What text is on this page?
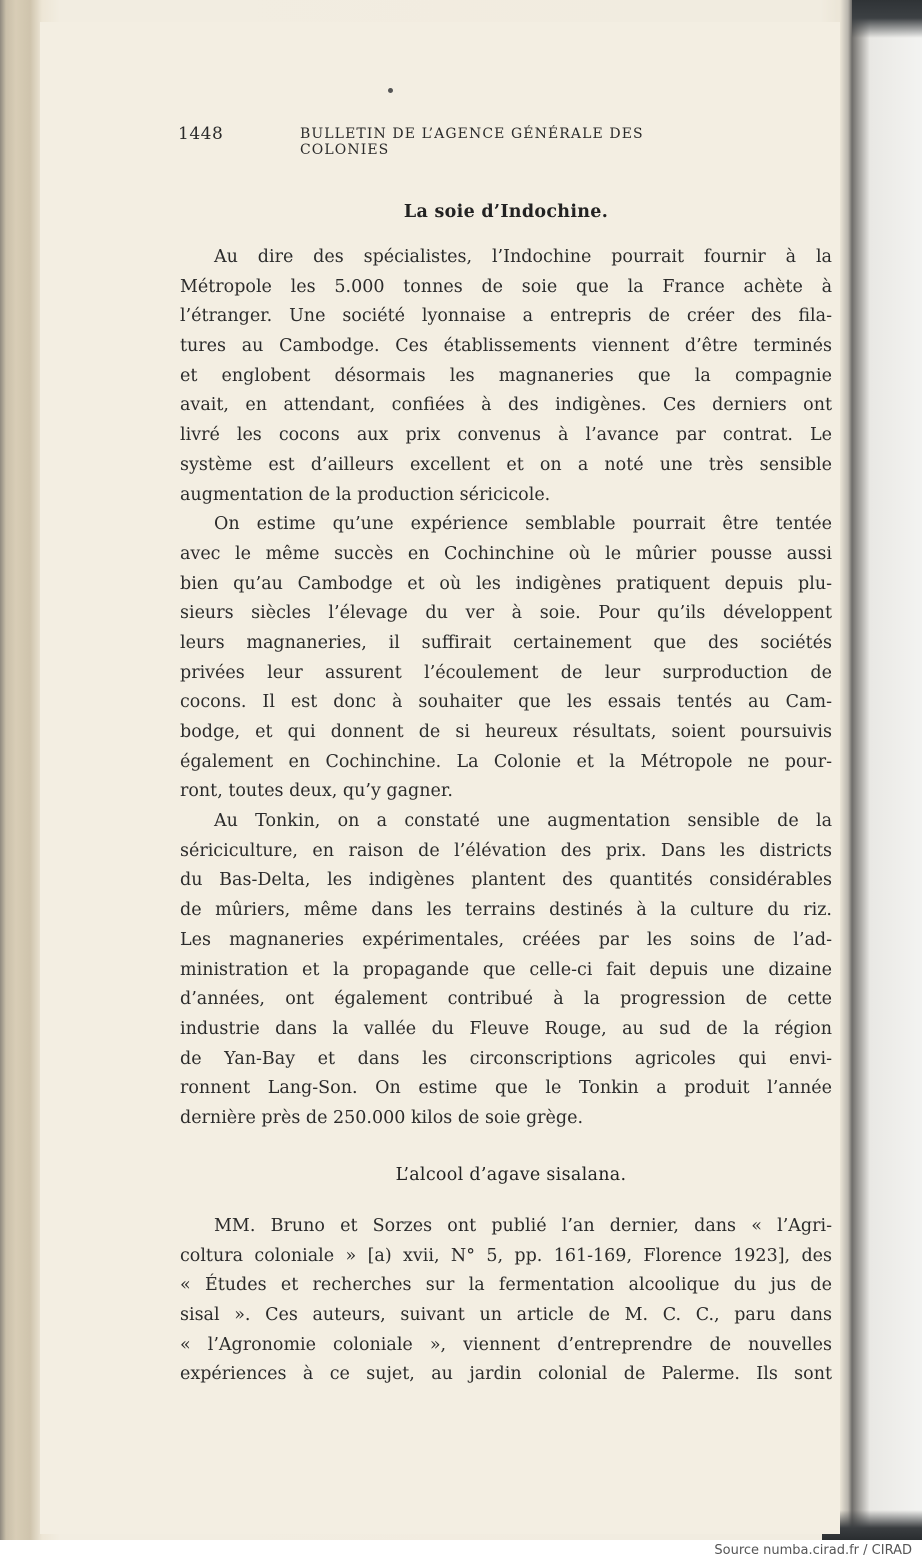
1448	BULLETIN DE L’AGENCE GÉNÉRALE DES COLONIES
La soie d’Indochine.
Au dire des spécialistes, l’Indochine pourrait fournir à la
Métropole les 5.000 tonnes de soie que la France achète à
l’étranger. Une société lyonnaise a entrepris de créer des fila-
tures au Cambodge. Ces établissements viennent d’être terminés
et englobent désormais les magnaneries que la compagnie
avait, en attendant, confiées à des indigènes. Ces derniers ont
livré les cocons aux prix convenus à l’avance par contrat. Le
système est d’ailleurs excellent et on a noté une très sensible
augmentation de la production séricicole.
On estime qu’une expérience semblable pourrait être tentée
avec le même succès en Cochinchine où le mûrier pousse aussi
bien qu’au Cambodge et où les indigènes pratiquent depuis plu-
sieurs siècles l’élevage du ver à soie. Pour qu’ils développent
leurs magnaneries, il suffirait certainement que des sociétés
privées leur assurent l’écoulement de leur surproduction de
cocons. Il est donc à souhaiter que les essais tentés au Cam-
bodge, et qui donnent de si heureux résultats, soient poursuivis
également en Cochinchine. La Colonie et la Métropole ne pour-
ront, toutes deux, qu’y gagner.
Au Tonkin, on a constaté une augmentation sensible de la
sériciculture, en raison de l’élévation des prix. Dans les districts
du Bas-Delta, les indigènes plantent des quantités considérables
de mûriers, même dans les terrains destinés à la culture du riz.
Les magnaneries expérimentales, créées par les soins de l’ad-
ministration et la propagande que celle-ci fait depuis une dizaine
d’années, ont également contribué à la progression de cette
industrie dans la vallée du Fleuve Rouge, au sud de la région
de Yan-Bay et dans les circonscriptions agricoles qui envi-
ronnent Lang-Son. On estime que le Tonkin a produit l’année
dernière près de 250.000 kilos de soie grège.
L’alcool d’agave sisalana.
MM. Bruno et Sorzes ont publié l’an dernier, dans « l’Agri-
coltura coloniale » [a) xvii, N° 5, pp. 161-169, Florence 1923], des
« Études et recherches sur la fermentation alcoolique du jus de
sisal ». Ces auteurs, suivant un article de M. C. C., paru dans
« l’Agronomie coloniale », viennent d’entreprendre de nouvelles
expériences à ce sujet, au jardin colonial de Palerme. Ils sont
Source numba.cirad.fr / CIRAD
